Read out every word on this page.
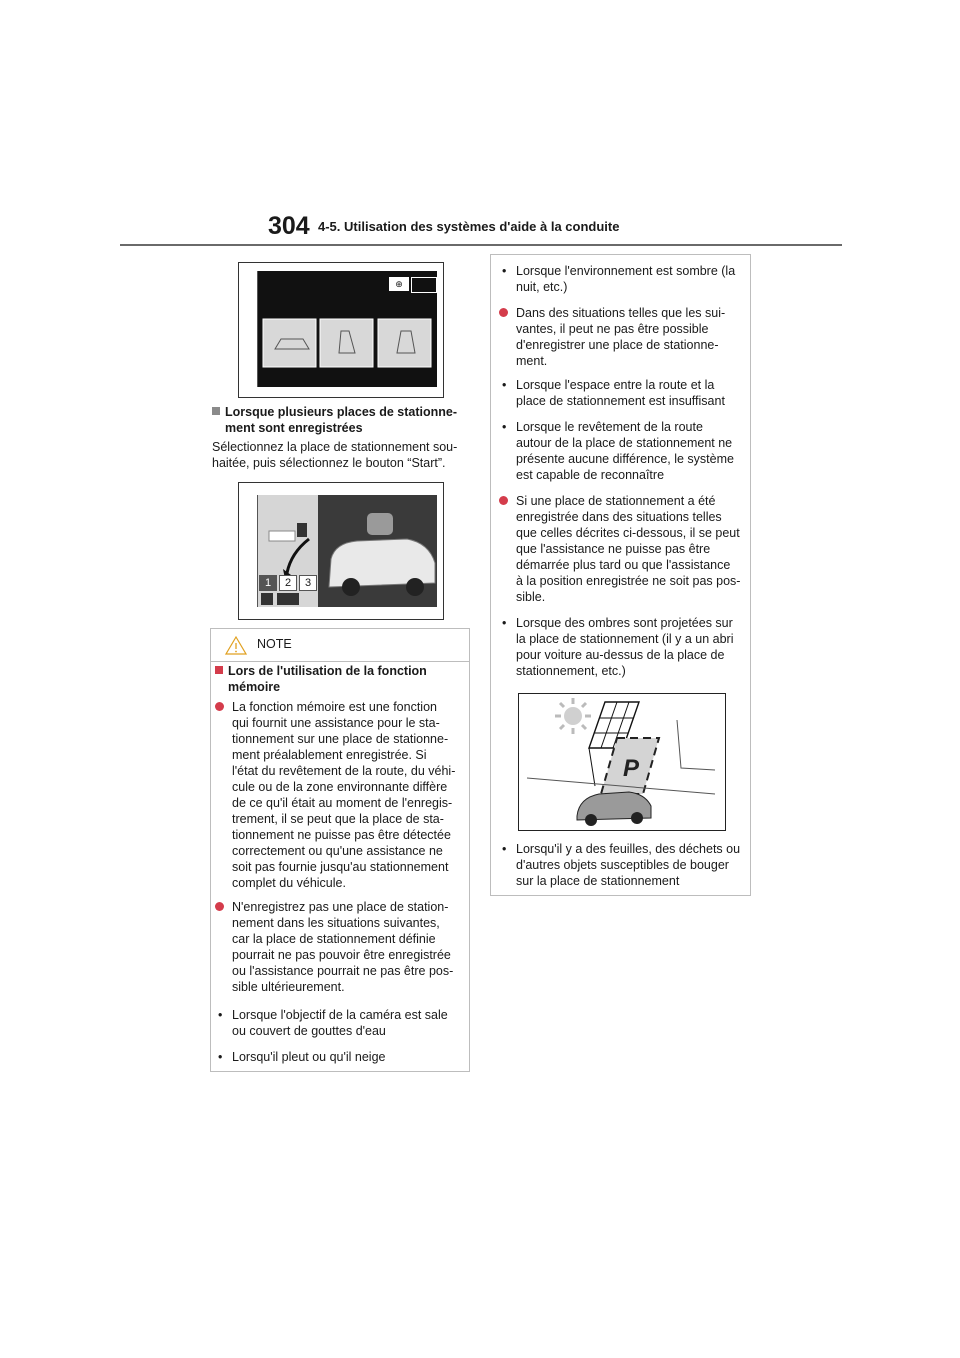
304 4-5. Utilisation des systèmes d'aide à la conduite
⊕
Lorsque plusieurs places de stationne-
ment sont enregistrées
Sélectionnez la place de stationnement sou-
haitée, puis sélectionnez le bouton “Start”.
1	2	3
NOTE
Lors de l'utilisation de la fonction
mémoire
La fonction mémoire est une fonction
qui fournit une assistance pour le sta-
tionnement sur une place de stationne-
ment préalablement enregistrée. Si
l'état du revêtement de la route, du véhi-
cule ou de la zone environnante diffère
de ce qu'il était au moment de l'enregis-
trement, il se peut que la place de sta-
tionnement ne puisse pas être détectée
correctement ou qu'une assistance ne
soit pas fournie jusqu'au stationnement
complet du véhicule.
N'enregistrez pas une place de station-
nement dans les situations suivantes,
car la place de stationnement définie
pourrait ne pas pouvoir être enregistrée
ou l'assistance pourrait ne pas être pos-
sible ultérieurement.
• Lorsque l'objectif de la caméra est sale
ou couvert de gouttes d'eau
• Lorsqu'il pleut ou qu'il neige
• Lorsque l'environnement est sombre (la
nuit, etc.)
Dans des situations telles que les sui-
vantes, il peut ne pas être possible
d'enregistrer une place de stationne-
ment.
• Lorsque l'espace entre la route et la
place de stationnement est insuffisant
• Lorsque le revêtement de la route
autour de la place de stationnement ne
présente aucune différence, le système
est capable de reconnaître
Si une place de stationnement a été
enregistrée dans des situations telles
que celles décrites ci-dessous, il se peut
que l'assistance ne puisse pas être
démarrée plus tard ou que l'assistance
à la position enregistrée ne soit pas pos-
sible.
• Lorsque des ombres sont projetées sur
la place de stationnement (il y a un abri
pour voiture au-dessus de la place de
stationnement, etc.)
P
• Lorsqu'il y a des feuilles, des déchets ou
d'autres objets susceptibles de bouger
sur la place de stationnement
